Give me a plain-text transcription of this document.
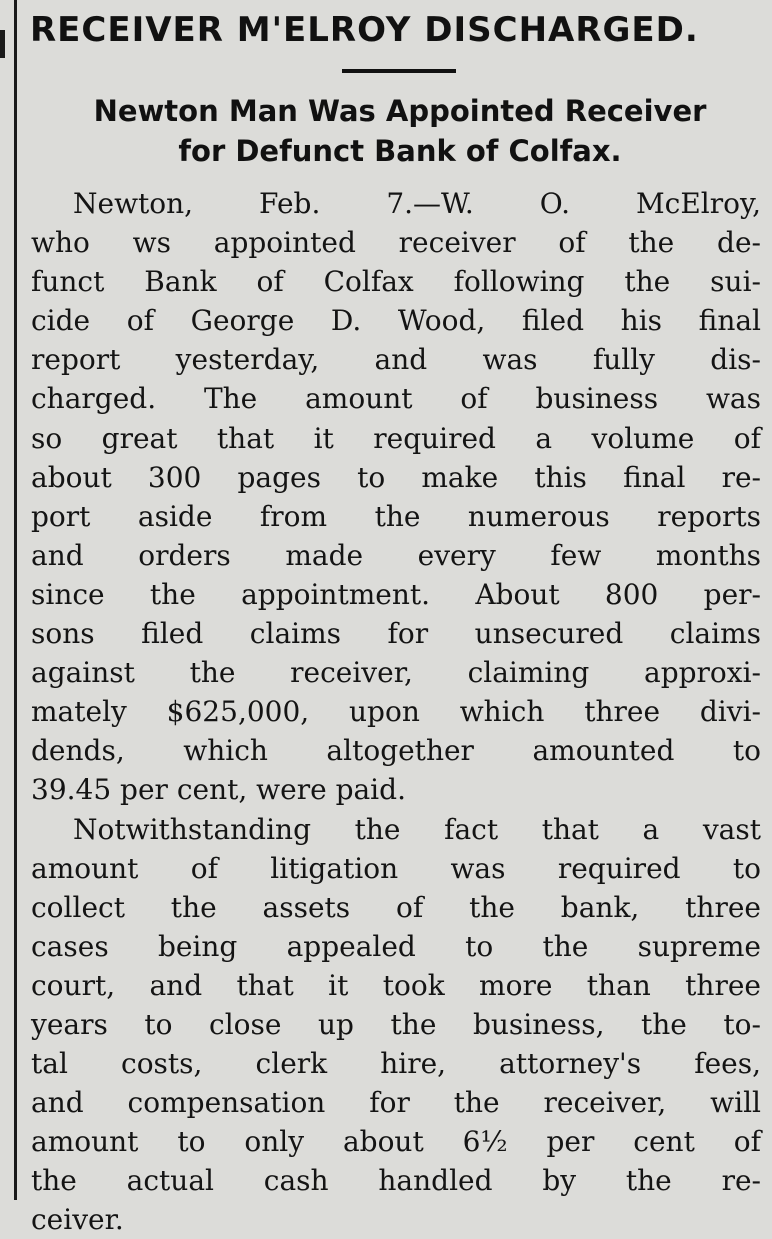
RECEIVER M'ELROY DISCHARGED.
Newton Man Was Appointed Receiver
for Defunct Bank of Colfax.
Newton, Feb. 7.—W. O. McElroy,
who ws appointed receiver of the de-
funct Bank of Colfax following the sui-
cide of George D. Wood, filed his final
report yesterday, and was fully dis-
charged. The amount of business was
so great that it required a volume of
about 300 pages to make this final re-
port aside from the numerous reports
and orders made every few months
since the appointment. About 800 per-
sons filed claims for unsecured claims
against the receiver, claiming approxi-
mately $625,000, upon which three divi-
dends, which altogether amounted to
39.45 per cent, were paid.
Notwithstanding the fact that a vast
amount of litigation was required to
collect the assets of the bank, three
cases being appealed to the supreme
court, and that it took more than three
years to close up the business, the to-
tal costs, clerk hire, attorney's fees,
and compensation for the receiver, will
amount to only about 6½ per cent of
the actual cash handled by the re-
ceiver.
